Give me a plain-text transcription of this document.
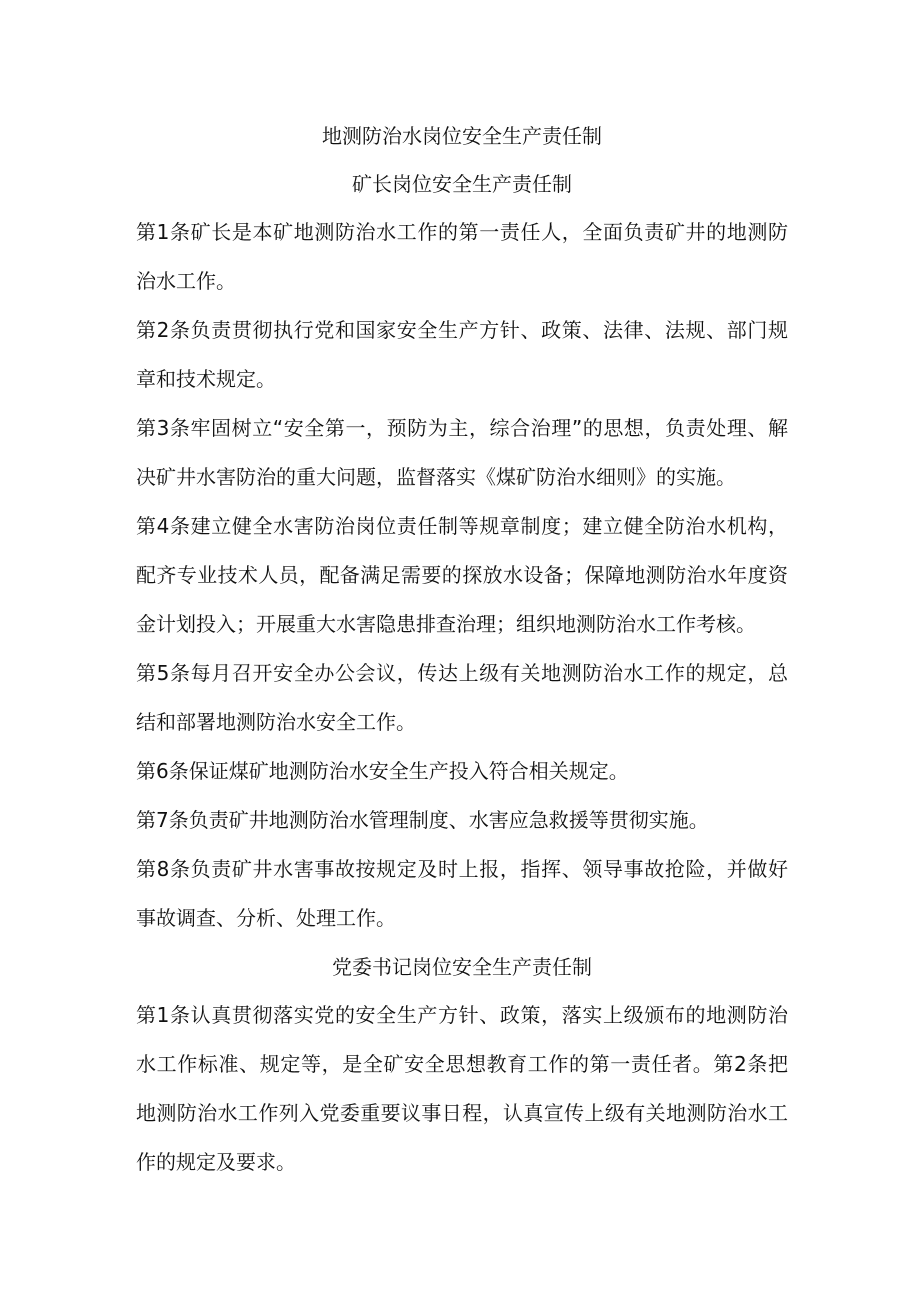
地测防治水岗位安全生产责任制
矿长岗位安全生产责任制

第1条矿长是本矿地测防治水工作的第一责任人，全面负责矿井的地测防治水工作。

第2条负责贯彻执行党和国家安全生产方针、政策、法律、法规、部门规章和技术规定。

第3条牢固树立“安全第一，预防为主，综合治理”的思想，负责处理、解决矿井水害防治的重大问题，监督落实《煤矿防治水细则》的实施。

第4条建立健全水害防治岗位责任制等规章制度；建立健全防治水机构，配齐专业技术人员，配备满足需要的探放水设备；保障地测防治水年度资金计划投入；开展重大水害隐患排查治理；组织地测防治水工作考核。

第5条每月召开安全办公会议，传达上级有关地测防治水工作的规定，总结和部署地测防治水安全工作。

第6条保证煤矿地测防治水安全生产投入符合相关规定。

第7条负责矿井地测防治水管理制度、水害应急救援等贯彻实施。

第8条负责矿井水害事故按规定及时上报，指挥、领导事故抢险，并做好事故调查、分析、处理工作。

党委书记岗位安全生产责任制

第1条认真贯彻落实党的安全生产方针、政策，落实上级颁布的地测防治水工作标准、规定等，是全矿安全思想教育工作的第一责任者。第2条把地测防治水工作列入党委重要议事日程，认真宣传上级有关地测防治水工作的规定及要求。
